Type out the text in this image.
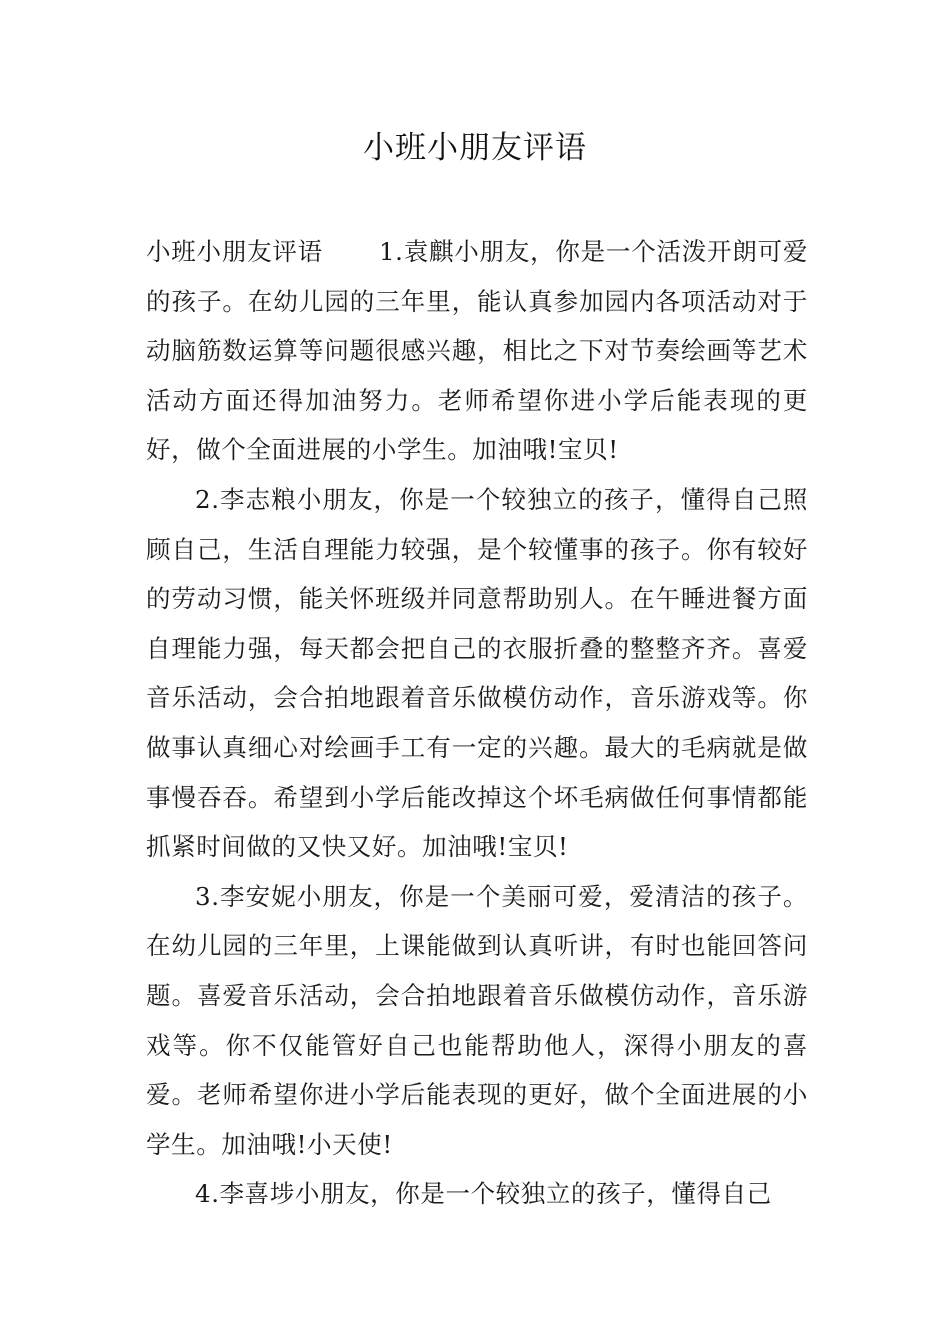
小班小朋友评语

小班小朋友评语 1.袁麒小朋友，你是一个活泼开朗可爱的孩子。在幼儿园的三年里，能认真参加园内各项活动对于动脑筋数运算等问题很感兴趣，相比之下对节奏绘画等艺术活动方面还得加油努力。老师希望你进小学后能表现的更好，做个全面进展的小学生。加油哦!宝贝!

2.李志粮小朋友，你是一个较独立的孩子，懂得自己照顾自己，生活自理能力较强，是个较懂事的孩子。你有较好的劳动习惯，能关怀班级并同意帮助别人。在午睡进餐方面自理能力强，每天都会把自己的衣服折叠的整整齐齐。喜爱音乐活动，会合拍地跟着音乐做模仿动作，音乐游戏等。你做事认真细心对绘画手工有一定的兴趣。最大的毛病就是做事慢吞吞。希望到小学后能改掉这个坏毛病做任何事情都能抓紧时间做的又快又好。加油哦!宝贝!

3.李安妮小朋友，你是一个美丽可爱，爱清洁的孩子。在幼儿园的三年里，上课能做到认真听讲，有时也能回答问题。喜爱音乐活动，会合拍地跟着音乐做模仿动作，音乐游戏等。你不仅能管好自己也能帮助他人，深得小朋友的喜爱。老师希望你进小学后能表现的更好，做个全面进展的小学生。加油哦!小天使!

4.李喜埗小朋友，你是一个较独立的孩子，懂得自己
